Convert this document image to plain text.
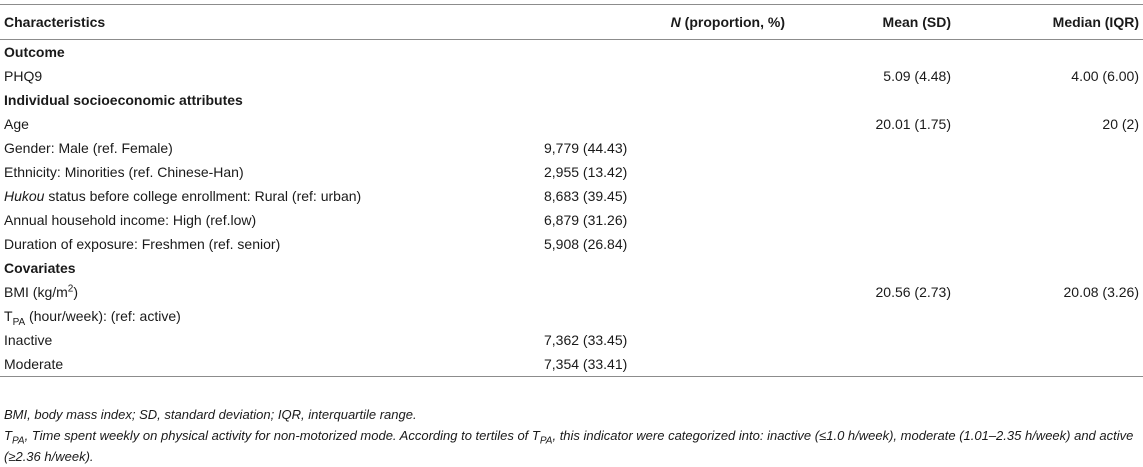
Characteristics	N (proportion, %)	Mean (SD)	Median (IQR)
Outcome			
PHQ9		5.09 (4.48)	4.00 (6.00)
Individual socioeconomic attributes			
Age		20.01 (1.75)	20 (2)
Gender: Male (ref. Female)	9,779 (44.43)		
Ethnicity: Minorities (ref. Chinese-Han)	2,955 (13.42)		
Hukou status before college enrollment: Rural (ref: urban)	8,683 (39.45)		
Annual household income: High (ref.low)	6,879 (31.26)		
Duration of exposure: Freshmen (ref. senior)	5,908 (26.84)		
Covariates			
BMI $(kg/m^2)$		20.56 (2.73)	20.08 (3.26)
$T_{PA}$ (hour/week): (ref: active)			
Inactive	7,362 (33.45)		
Moderate	7,354 (33.41)		
BMI, body mass index; SD, standard deviation; IQR, interquartile range.
$T_{PA}$, Time spent weekly on physical activity for non-motorized mode. According to tertiles of $T_{PA}$, this indicator were categorized into: inactive (≤1.0 h/week), moderate (1.01–2.35 h/week) and active (≥2.36 h/week).
